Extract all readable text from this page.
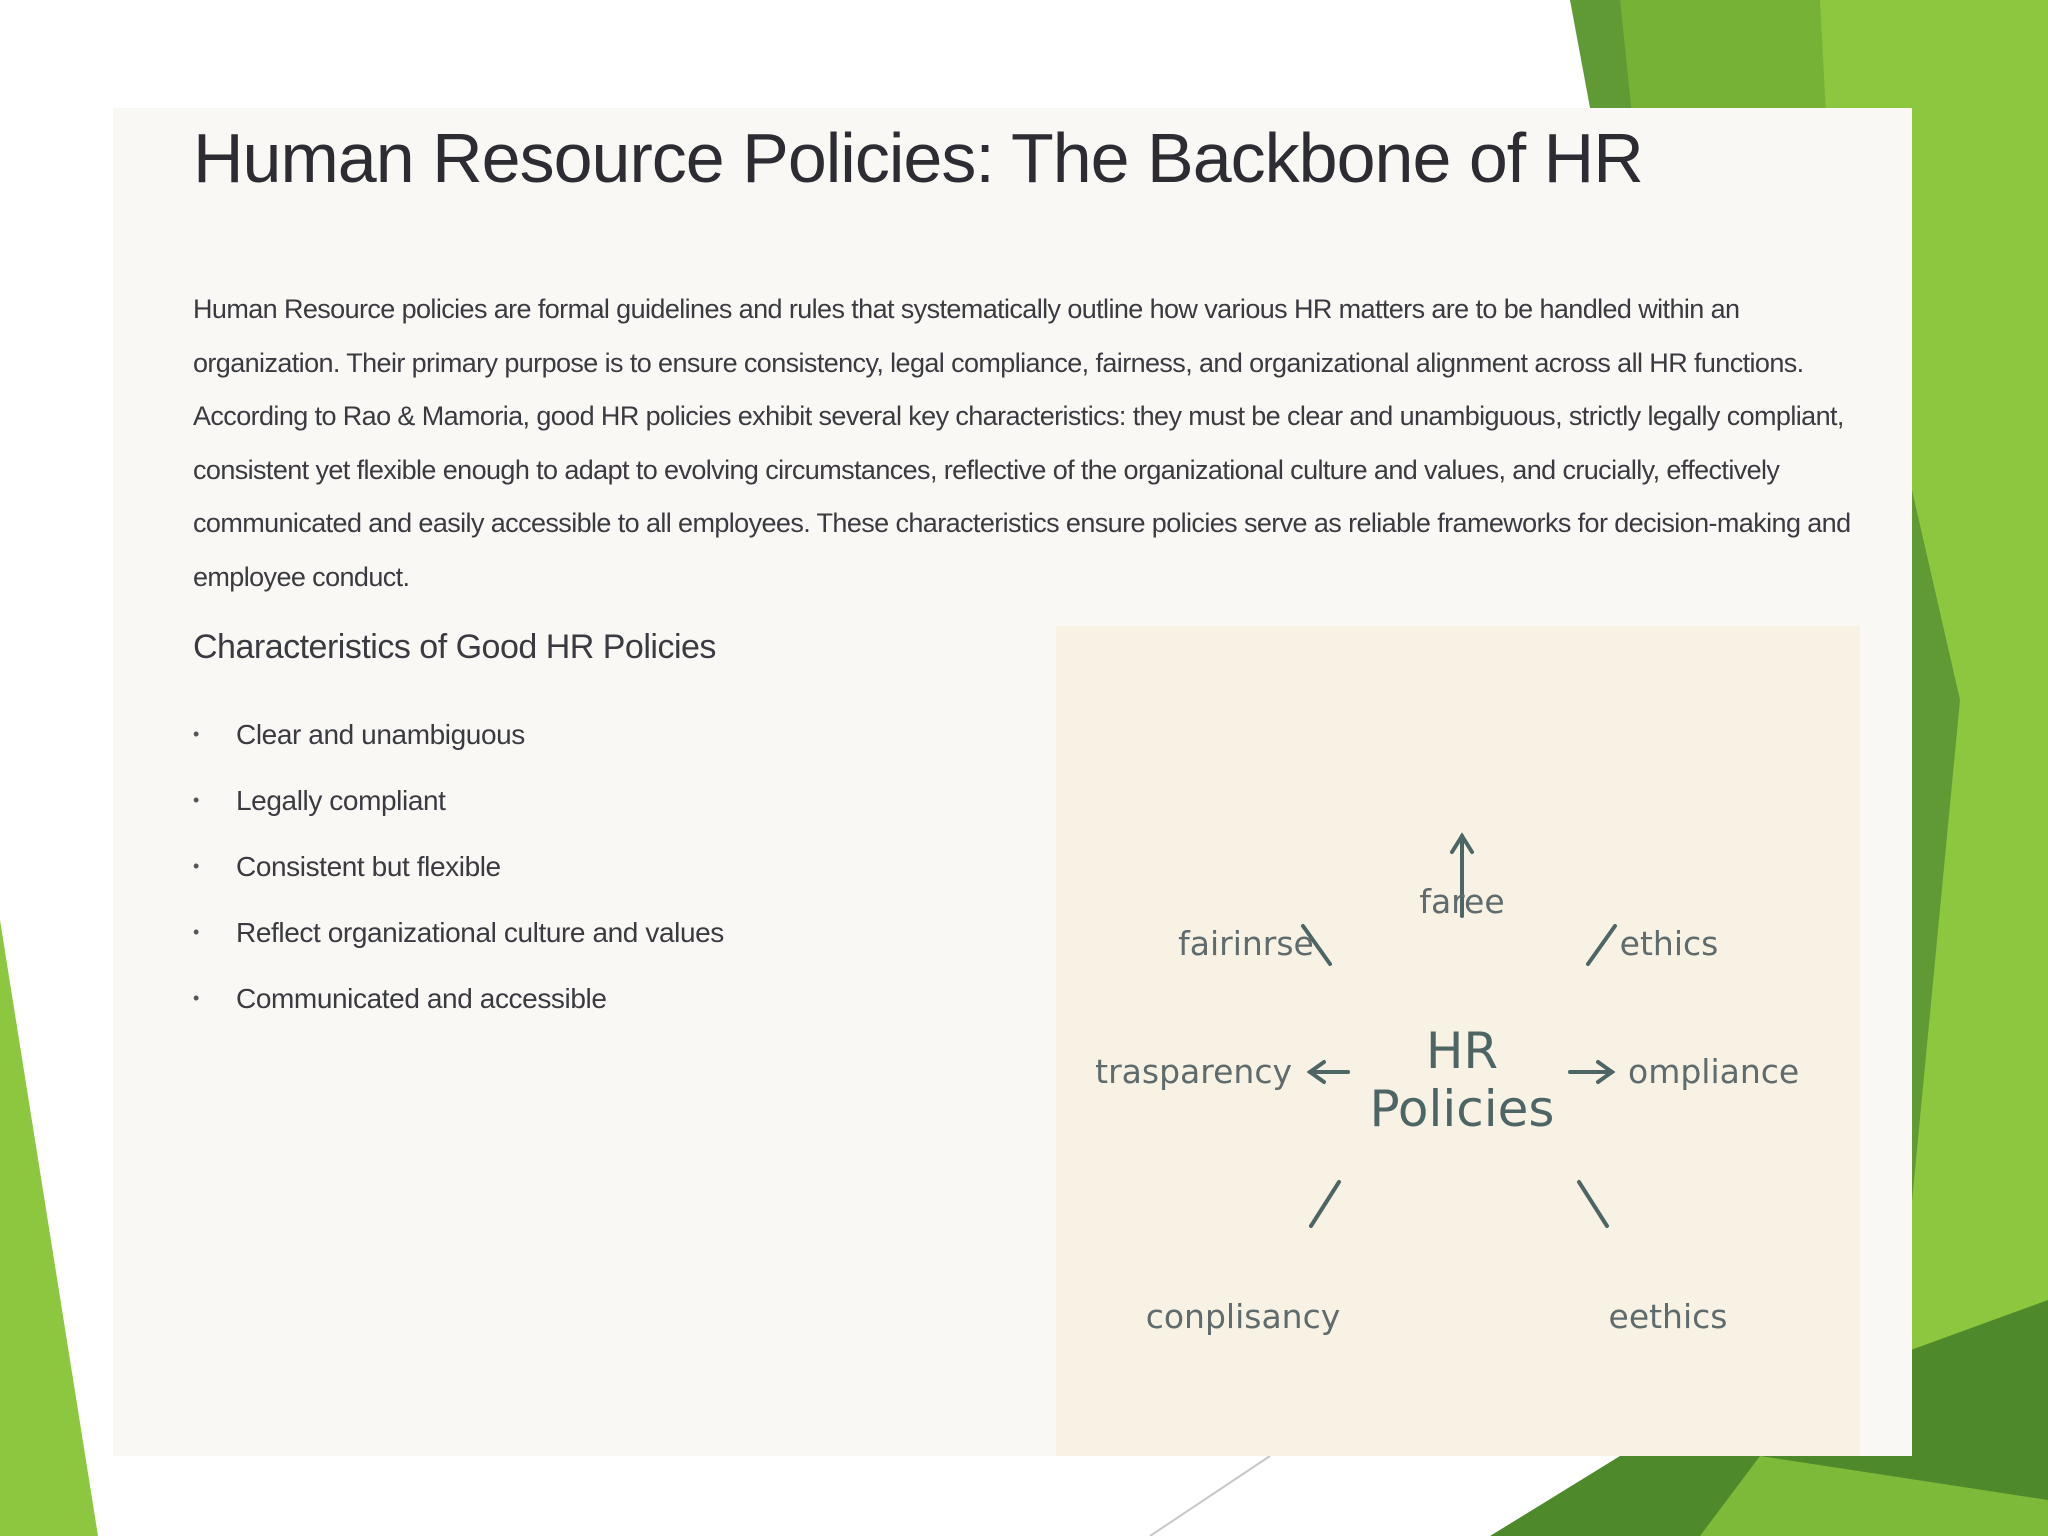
Human Resource Policies: The Backbone of HR

Human Resource policies are formal guidelines and rules that systematically outline how various HR matters are to be handled within an organization. Their primary purpose is to ensure consistency, legal compliance, fairness, and organizational alignment across all HR functions. According to Rao & Mamoria, good HR policies exhibit several key characteristics: they must be clear and unambiguous, strictly legally compliant, consistent yet flexible enough to adapt to evolving circumstances, reflective of the organizational culture and values, and crucially, effectively communicated and easily accessible to all employees. These characteristics ensure policies serve as reliable frameworks for decision-making and employee conduct.

Characteristics of Good HR Policies
• Clear and unambiguous
• Legally compliant
• Consistent but flexible
• Reflect organizational culture and values
• Communicated and accessible
HR
Policies
faree
fairinrse	ethics
trasparency	ompliance
conplisancy	eethics
